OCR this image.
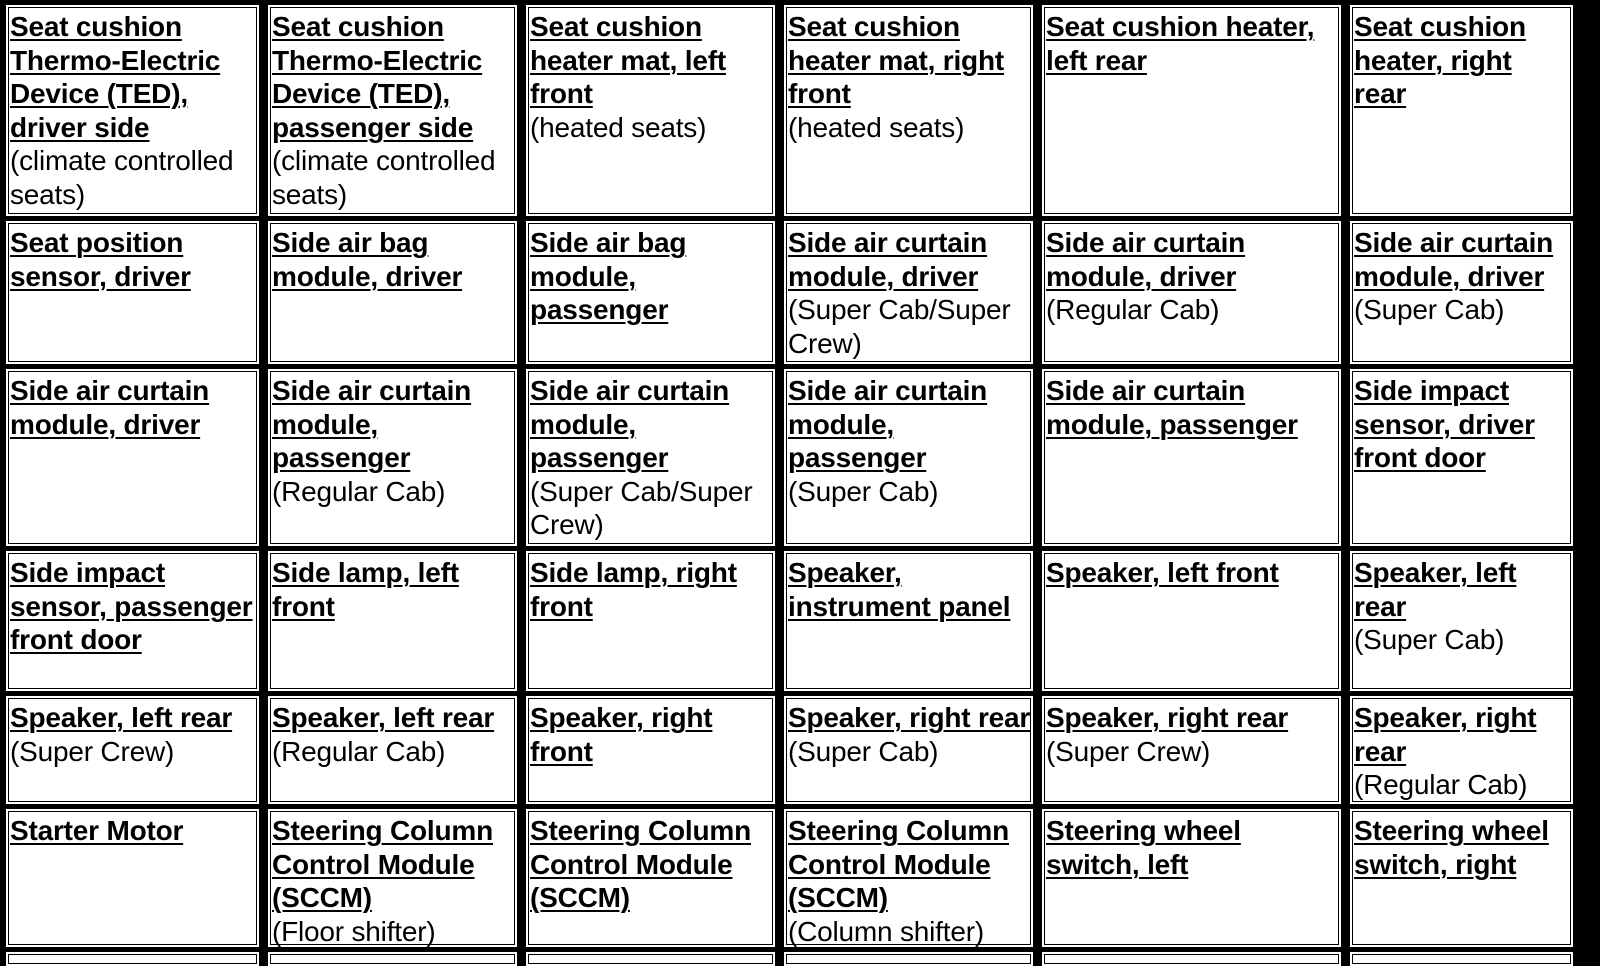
Seat cushion Thermo-Electric Device (TED), driver side
(climate controlled seats)
Seat cushion Thermo-Electric Device (TED), passenger side
(climate controlled seats)
Seat cushion heater mat, left front
(heated seats)
Seat cushion heater mat, right front
(heated seats)
Seat cushion heater, left rear
Seat cushion heater, right rear
Seat position sensor, driver
Side air bag module, driver
Side air bag module, passenger
Side air curtain module, driver
(Super Cab/Super Crew)
Side air curtain module, driver
(Regular Cab)
Side air curtain module, driver
(Super Cab)
Side air curtain module, driver
Side air curtain module, passenger
(Regular Cab)
Side air curtain module, passenger
(Super Cab/Super Crew)
Side air curtain module, passenger
(Super Cab)
Side air curtain module, passenger
Side impact sensor, driver front door
Side impact sensor, passenger front door
Side lamp, left front
Side lamp, right front
Speaker, instrument panel
Speaker, left front	Speaker, left rear
(Super Cab)
Speaker, left rear
(Super Crew)
Speaker, left rear
(Regular Cab)
Speaker, right front
Speaker, right rear
(Super Cab)
Speaker, right rear
(Super Crew)
Speaker, right rear
(Regular Cab)
Starter Motor	Steering Column Control Module (SCCM)
(Floor shifter)
Steering Column Control Module (SCCM)
Steering Column Control Module (SCCM)
(Column shifter)
Steering wheel switch, left
Steering wheel switch, right
